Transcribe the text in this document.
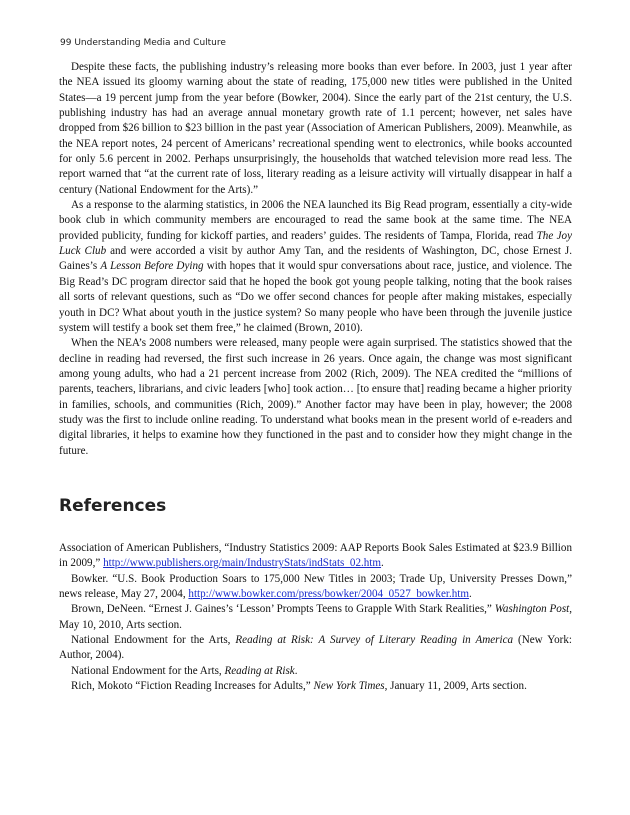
99 Understanding Media and Culture

Despite these facts, the publishing industry’s releasing more books than ever before. In 2003, just 1 year after the NEA issued its gloomy warning about the state of reading, 175,000 new titles were published in the United States—a 19 percent jump from the year before (Bowker, 2004). Since the early part of the 21st century, the U.S. publishing industry has had an average annual monetary growth rate of 1.1 percent; however, net sales have dropped from $26 billion to $23 billion in the past year (Association of American Publishers, 2009). Meanwhile, as the NEA report notes, 24 percent of Americans’ recreational spending went to electronics, while books accounted for only 5.6 percent in 2002. Perhaps unsurprisingly, the households that watched television more read less. The report warned that “at the current rate of loss, literary reading as a leisure activity will virtually disappear in half a century (National Endowment for the Arts).”

As a response to the alarming statistics, in 2006 the NEA launched its Big Read program, essentially a city-wide book club in which community members are encouraged to read the same book at the same time. The NEA provided publicity, funding for kickoff parties, and readers’ guides. The residents of Tampa, Florida, read The Joy Luck Club and were accorded a visit by author Amy Tan, and the residents of Washington, DC, chose Ernest J. Gaines’s A Lesson Before Dying with hopes that it would spur conversations about race, justice, and violence. The Big Read’s DC program director said that he hoped the book got young people talking, noting that the book raises all sorts of relevant questions, such as “Do we offer second chances for people after making mistakes, especially youth in DC? What about youth in the justice system? So many people who have been through the juvenile justice system will testify a book set them free,” he claimed (Brown, 2010).

When the NEA’s 2008 numbers were released, many people were again surprised. The statistics showed that the decline in reading had reversed, the first such increase in 26 years. Once again, the change was most significant among young adults, who had a 21 percent increase from 2002 (Rich, 2009). The NEA credited the “millions of parents, teachers, librarians, and civic leaders [who] took action… [to ensure that] reading became a higher priority in families, schools, and communities (Rich, 2009).” Another factor may have been in play, however; the 2008 study was the first to include online reading. To understand what books mean in the present world of e-readers and digital libraries, it helps to examine how they functioned in the past and to consider how they might change in the future.

References

Association of American Publishers, “Industry Statistics 2009: AAP Reports Book Sales Estimated at $23.9 Billion in 2009,” http://www.publishers.org/main/IndustryStats/indStats_02.htm.

Bowker. “U.S. Book Production Soars to 175,000 New Titles in 2003; Trade Up, University Presses Down,” news release, May 27, 2004, http://www.bowker.com/press/bowker/2004_0527_bowker.htm.

Brown, DeNeen. “Ernest J. Gaines’s ‘Lesson’ Prompts Teens to Grapple With Stark Realities,” Washington Post, May 10, 2010, Arts section.

National Endowment for the Arts, Reading at Risk: A Survey of Literary Reading in America (New York: Author, 2004).

National Endowment for the Arts, Reading at Risk.

Rich, Mokoto “Fiction Reading Increases for Adults,” New York Times, January 11, 2009, Arts section.
